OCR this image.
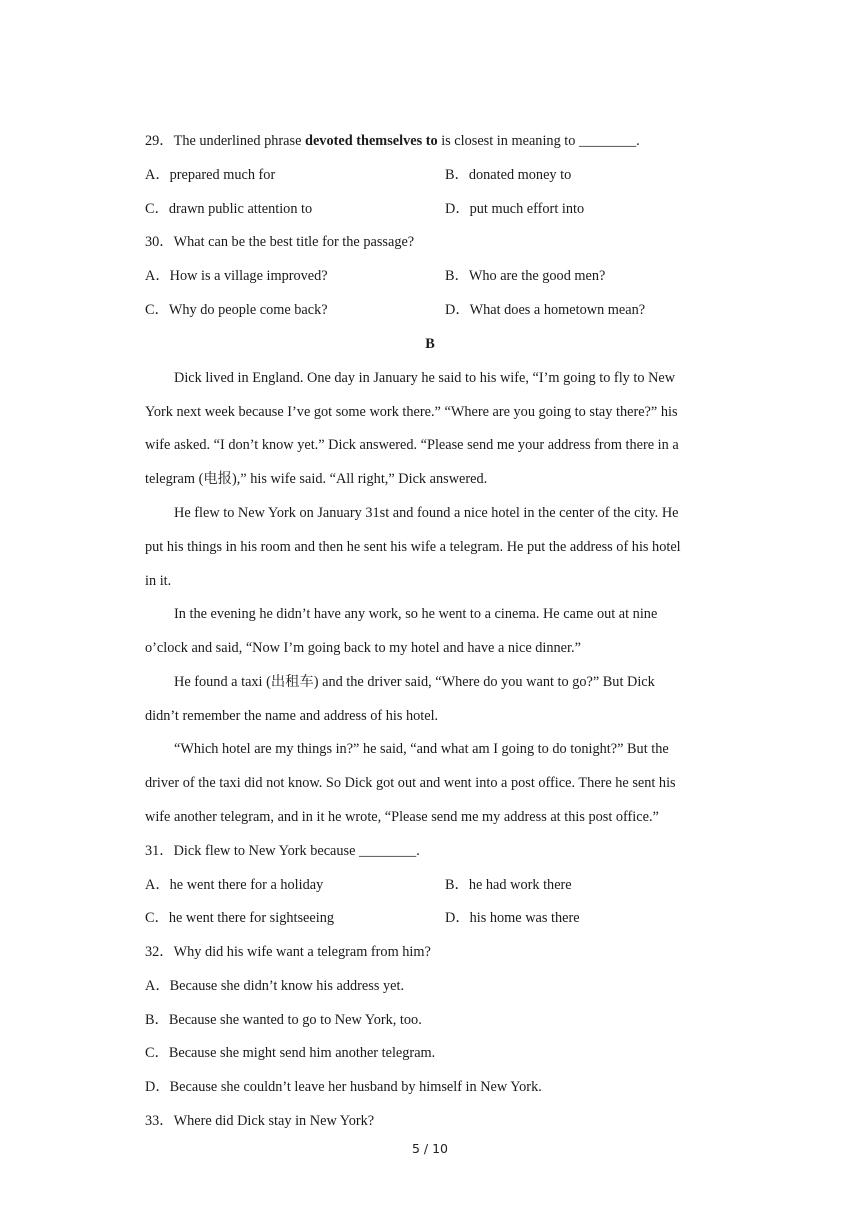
29．The underlined phrase devoted themselves to is closest in meaning to ________.
A．prepared much for	B．donated money to
C．drawn public attention to	D．put much effort into
30．What can be the best title for the passage?
A．How is a village improved?	B．Who are the good men?
C．Why do people come back?	D．What does a hometown mean?
B
Dick lived in England. One day in January he said to his wife, “I’m going to fly to New
York next week because I’ve got some work there.” “Where are you going to stay there?” his
wife asked. “I don’t know yet.” Dick answered. “Please send me your address from there in a
telegram (电报),” his wife said. “All right,” Dick answered.
He flew to New York on January 31st and found a nice hotel in the center of the city. He
put his things in his room and then he sent his wife a telegram. He put the address of his hotel
in it.
In the evening he didn’t have any work, so he went to a cinema. He came out at nine
o’clock and said, “Now I’m going back to my hotel and have a nice dinner.”
He found a taxi (出租车) and the driver said, “Where do you want to go?” But Dick
didn’t remember the name and address of his hotel.
“Which hotel are my things in?” he said, “and what am I going to do tonight?” But the
driver of the taxi did not know. So Dick got out and went into a post office. There he sent his
wife another telegram, and in it he wrote, “Please send me my address at this post office.”
31．Dick flew to New York because ________.
A．he went there for a holiday	B．he had work there
C．he went there for sightseeing	D．his home was there
32．Why did his wife want a telegram from him?
A．Because she didn’t know his address yet.
B．Because she wanted to go to New York, too.
C．Because she might send him another telegram.
D．Because she couldn’t leave her husband by himself in New York.
33．Where did Dick stay in New York?
5 / 10
